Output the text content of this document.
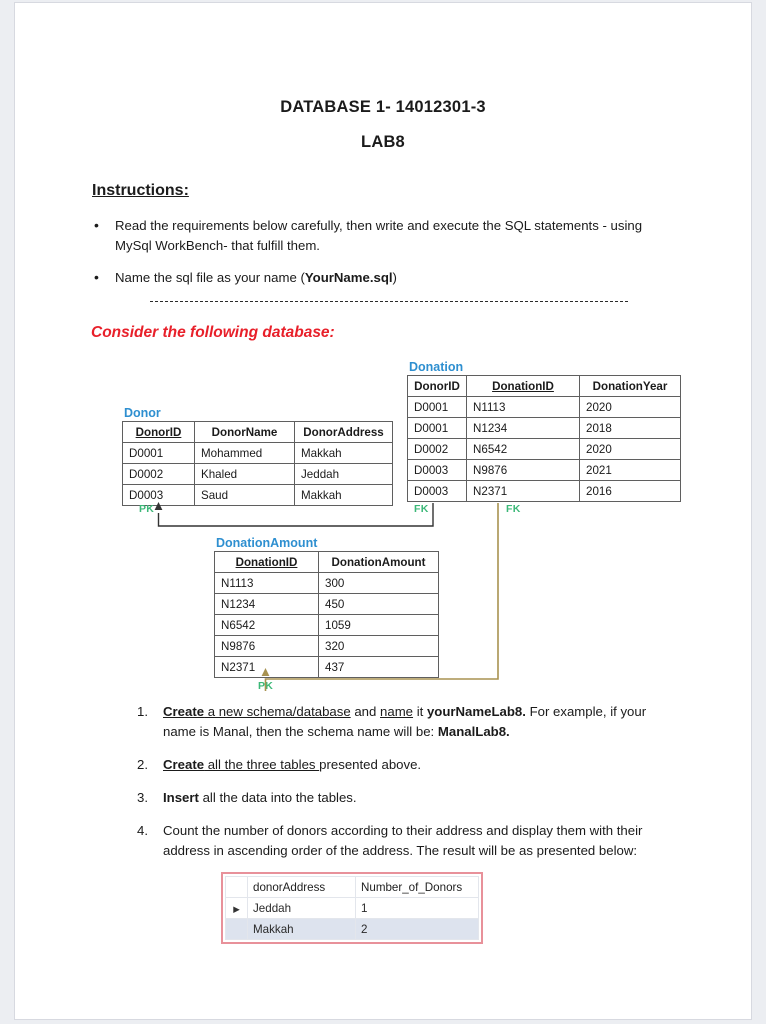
DATABASE 1- 14012301-3
LAB8
Instructions:
• Read the requirements below carefully, then write and execute the SQL statements - using MySql WorkBench- that fulfill them.
• Name the sql file as your name (YourName.sql)
Consider the following database:
Donation
DonorID	DonationID	DonationYear
D0001	N1113	2020
D0001	N1234	2018
D0002	N6542	2020
D0003	N9876	2021
D0003	N2371	2016
Donor
DonorID	DonorName	DonorAddress
D0001	Mohammed	Makkah
D0002	Khaled	Jeddah
D0003	Saud	Makkah
DonationAmount
DonationID	DonationAmount
N1113	300
N1234	450
N6542	1059
N9876	320
N2371	437
PK	FK	FK
PK
Create a new schema/database and name it yourNameLab8. For example, if your name is Manal, then the schema name will be: ManalLab8.
Create all the three tables presented above.
Insert all the data into the tables.
Count the number of donors according to their address and display them with their address in ascending order of the address. The result will be as presented below:
	donorAddress	Number_of_Donors
▶	Jeddah	1
	Makkah	2
